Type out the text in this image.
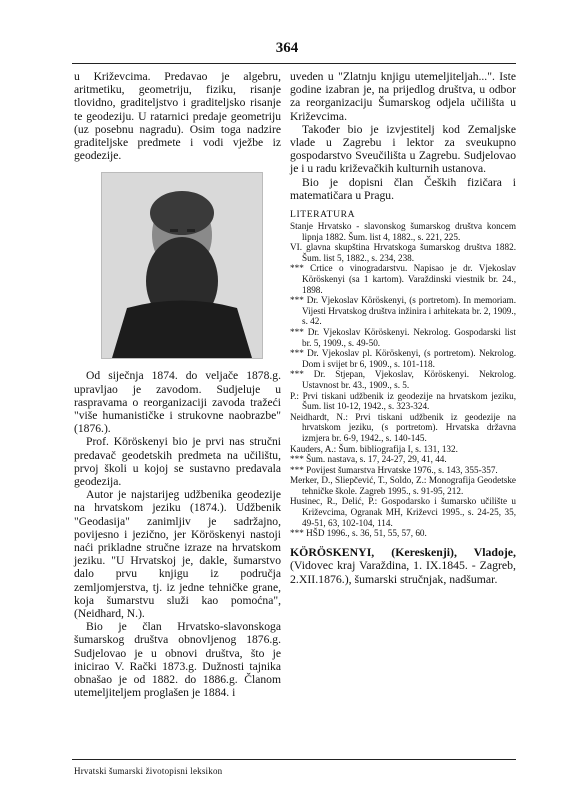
364

u Križevcima. Predavao je algebru, aritmetiku, geometriju, fiziku, risanje tlovidno, graditeljstvo i graditeljsko risanje te geodeziju. U ratarnici predaje geometriju (uz posebnu nagradu). Osim toga nadzire graditeljske predmete i vodi vježbe iz geodezije.

Od siječnja 1874. do veljače 1878.g. upravljao je zavodom. Sudjeluje u raspravama o reorganizaciji zavoda tražeći "više humanističke i strukovne naobrazbe" (1876.).

Prof. Köröskenyi bio je prvi nas stručni predavač geodetskih predmeta na učilištu, prvoj školi u kojoj se sustavno predavala geodezija.

Autor je najstarijeg udžbenika geodezije na hrvatskom jeziku (1874.). Udžbenik "Geodasija" zanimljiv je sadržajno, povijesno i jezično, jer Köröskenyi nastoji naći prikladne stručne izraze na hrvatskom jeziku. "U Hrvatskoj je, dakle, šumarstvo dalo prvu knjigu iz područja zemljomjerstva, tj. iz jedne tehničke grane, koja šumarstvu služi kao pomoćna", (Neidhard, N.).

Bio je član Hrvatsko-slavonskoga šumarskog društva obnovljenog 1876.g. Sudjelovao je u obnovi društva, što je inicirao V. Rački 1873.g. Dužnosti tajnika obnašao je od 1882. do 1886.g. Članom utemeljiteljem proglašen je 1884. i

uveden u "Zlatnju knjigu utemeljiteljah...". Iste godine izabran je, na prijedlog društva, u odbor za reorganizaciju Šumarskog odjela učilišta u Križevcima.

Također bio je izvjestitelj kod Zemaljske vlade u Zagrebu i lektor za sveukupno gospodarstvo Sveučilišta u Zagrebu. Sudjelovao je i u radu križevačkih kulturnih ustanova.

Bio je dopisni član Čeških fizičara i matematičara u Pragu.

LITERATURA

Stanje Hrvatsko - slavonskog šumarskog društva koncem lipnja 1882. Šum. list 4, 1882., s. 221, 225.

VI. glavna skupština Hrvatskoga šumarskog društva 1882. Šum. list 5, 1882., s. 234, 238.

*** Crtice o vinogradarstvu. Napisao je dr. Vjekoslav Köröskenyi (sa 1 kartom). Varaždinski viestnik br. 24., 1898.

*** Dr. Vjekoslav Köröskenyi, (s portretom). In memoriam. Vijesti Hrvatskog društva inžinira i arhitekata br. 2, 1909., s. 42.

*** Dr. Vjekoslav Köröskenyi. Nekrolog. Gospodarski list br. 5, 1909., s. 49-50.

*** Dr. Vjekoslav pl. Köröskenyi, (s portretom). Nekrolog. Dom i svijet br 6, 1909., s. 101-118.

*** Dr. Stjepan, Vjekoslav, Köröskenyi. Nekrolog. Ustavnost br. 43., 1909., s. 5.

P.: Prvi tiskani udžbenik iz geodezije na hrvatskom jeziku, Šum. list 10-12, 1942., s. 323-324.

Neidhardt, N.: Prvi tiskani udžbenik iz geodezije na hrvatskom jeziku, (s portretom). Hrvatska državna izmjera br. 6-9, 1942., s. 140-145.

Kauders, A.: Šum. bibliografija I, s. 131, 132.

*** Šum. nastava, s. 17, 24-27, 29, 41, 44.

*** Povijest šumarstva Hrvatske 1976., s. 143, 355-357.

Merker, D., Sliepčević, T., Soldo, Z.: Monografija Geodetske tehničke škole. Zagreb 1995., s. 91-95, 212.

Husinec, R., Delić, P.: Gospodarsko i šumarsko učilište u Križevcima, Ogranak MH, Križevci 1995., s. 24-25, 35, 49-51, 63, 102-104, 114.

*** HŠD 1996., s. 36, 51, 55, 57, 60.

KÖRÖSKENYI, (Kereskenji), Vladoje, (Vidovec kraj Varaždina, 1. IX.1845. - Zagreb, 2.XII.1876.), šumarski stručnjak, nadšumar.

Hrvatski šumarski životopisni leksikon
